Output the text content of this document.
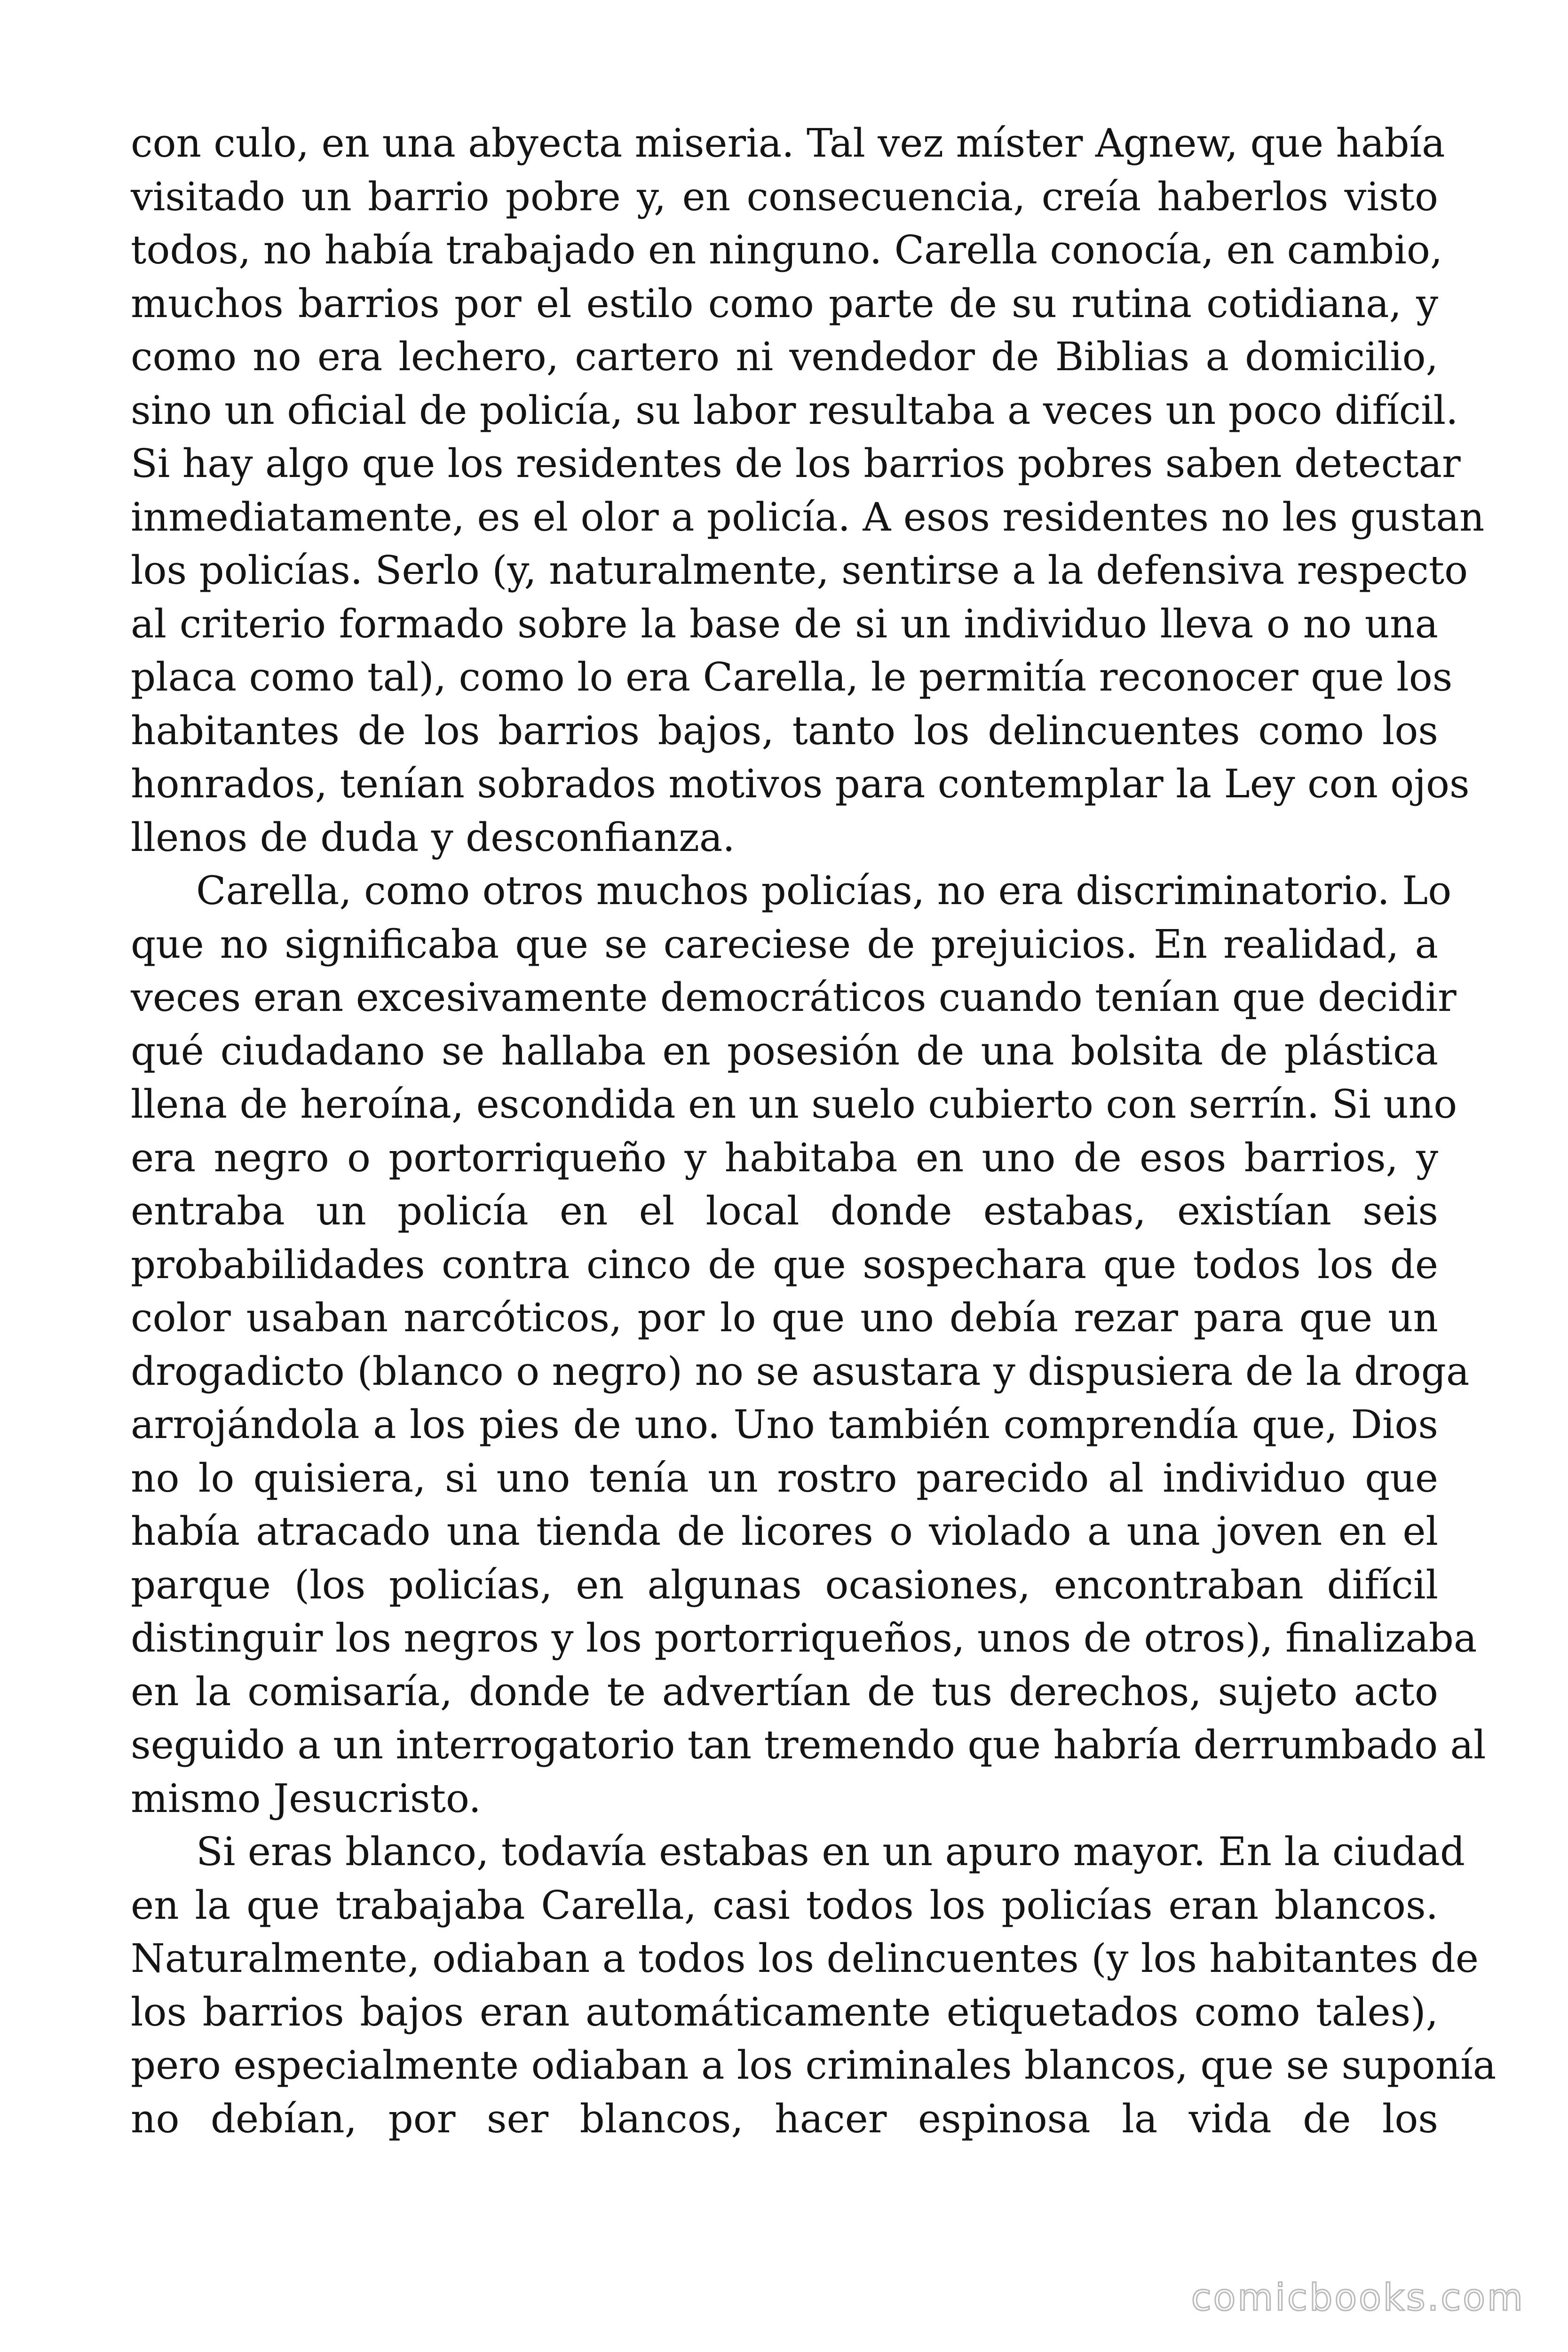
con culo, en una abyecta miseria. Tal vez míster Agnew, que había
visitado un barrio pobre y, en consecuencia, creía haberlos visto
todos, no había trabajado en ninguno. Carella conocía, en cambio,
muchos barrios por el estilo como parte de su rutina cotidiana, y
como no era lechero, cartero ni vendedor de Biblias a domicilio,
sino un oficial de policía, su labor resultaba a veces un poco difícil.
Si hay algo que los residentes de los barrios pobres saben detectar
inmediatamente, es el olor a policía. A esos residentes no les gustan
los policías. Serlo (y, naturalmente, sentirse a la defensiva respecto
al criterio formado sobre la base de si un individuo lleva o no una
placa como tal), como lo era Carella, le permitía reconocer que los
habitantes de los barrios bajos, tanto los delincuentes como los
honrados, tenían sobrados motivos para contemplar la Ley con ojos
llenos de duda y desconfianza.
Carella, como otros muchos policías, no era discriminatorio. Lo
que no significaba que se careciese de prejuicios. En realidad, a
veces eran excesivamente democráticos cuando tenían que decidir
qué ciudadano se hallaba en posesión de una bolsita de plástica
llena de heroína, escondida en un suelo cubierto con serrín. Si uno
era negro o portorriqueño y habitaba en uno de esos barrios, y
entraba un policía en el local donde estabas, existían seis
probabilidades contra cinco de que sospechara que todos los de
color usaban narcóticos, por lo que uno debía rezar para que un
drogadicto (blanco o negro) no se asustara y dispusiera de la droga
arrojándola a los pies de uno. Uno también comprendía que, Dios
no lo quisiera, si uno tenía un rostro parecido al individuo que
había atracado una tienda de licores o violado a una joven en el
parque (los policías, en algunas ocasiones, encontraban difícil
distinguir los negros y los portorriqueños, unos de otros), finalizaba
en la comisaría, donde te advertían de tus derechos, sujeto acto
seguido a un interrogatorio tan tremendo que habría derrumbado al
mismo Jesucristo.
Si eras blanco, todavía estabas en un apuro mayor. En la ciudad
en la que trabajaba Carella, casi todos los policías eran blancos.
Naturalmente, odiaban a todos los delincuentes (y los habitantes de
los barrios bajos eran automáticamente etiquetados como tales),
pero especialmente odiaban a los criminales blancos, que se suponía
no debían, por ser blancos, hacer espinosa la vida de los
comicbooks.com
